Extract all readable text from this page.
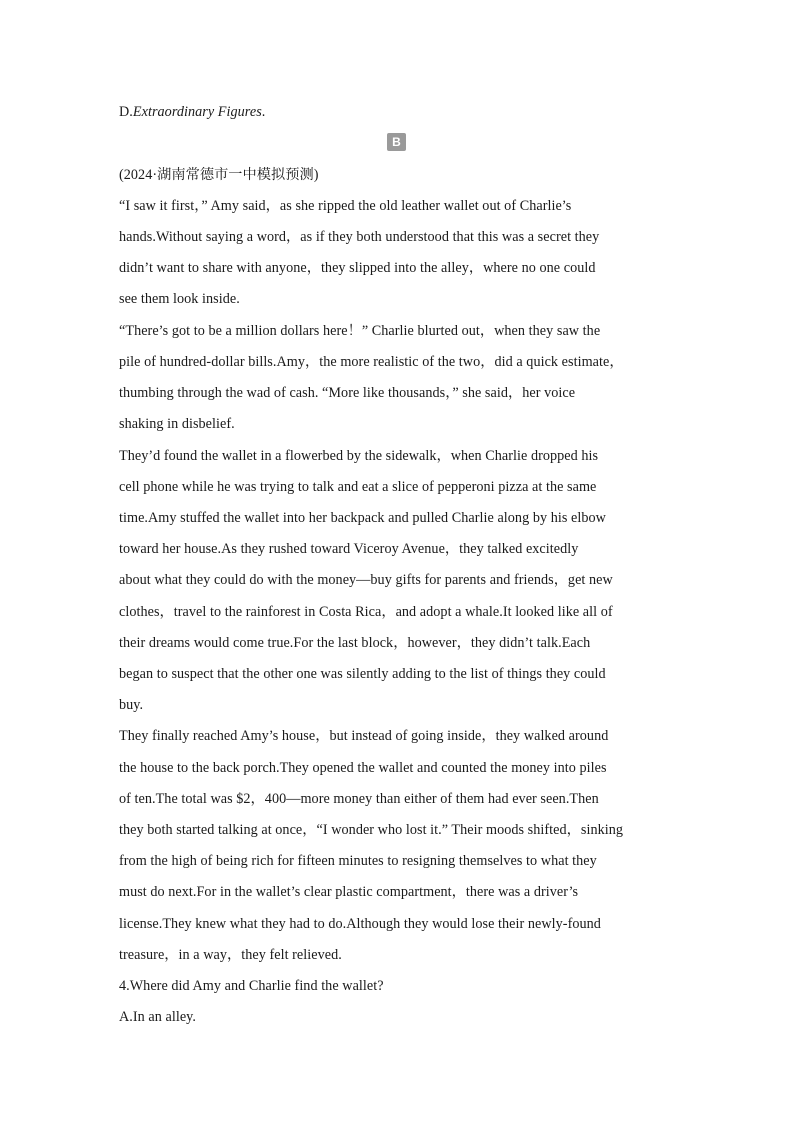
D.Extraordinary Figures.
B
(2024·湖南常德市一中模拟预测)
“I saw it first，” Amy said，as she ripped the old leather wallet out of Charlie’s
hands.Without saying a word，as if they both understood that this was a secret they
didn’t want to share with anyone，they slipped into the alley，where no one could
see them look inside.
“There’s got to be a million dollars here！” Charlie blurted out，when they saw the
pile of hundred-dollar bills.Amy，the more realistic of the two，did a quick estimate，
thumbing through the wad of cash. “More like thousands，” she said，her voice
shaking in disbelief.
They’d found the wallet in a flowerbed by the sidewalk，when Charlie dropped his
cell phone while he was trying to talk and eat a slice of pepperoni pizza at the same
time.Amy stuffed the wallet into her backpack and pulled Charlie along by his elbow
toward her house.As they rushed toward Viceroy Avenue，they talked excitedly
about what they could do with the money—buy gifts for parents and friends，get new
clothes，travel to the rainforest in Costa Rica，and adopt a whale.It looked like all of
their dreams would come true.For the last block，however，they didn’t talk.Each
began to suspect that the other one was silently adding to the list of things they could
buy.
They finally reached Amy’s house，but instead of going inside，they walked around
the house to the back porch.They opened the wallet and counted the money into piles
of ten.The total was $2，400—more money than either of them had ever seen.Then
they both started talking at once，“I wonder who lost it.” Their moods shifted，sinking
from the high of being rich for fifteen minutes to resigning themselves to what they
must do next.For in the wallet’s clear plastic compartment，there was a driver’s
license.They knew what they had to do.Although they would lose their newly-found
treasure，in a way，they felt relieved.
4.Where did Amy and Charlie find the wallet?
A.In an alley.
